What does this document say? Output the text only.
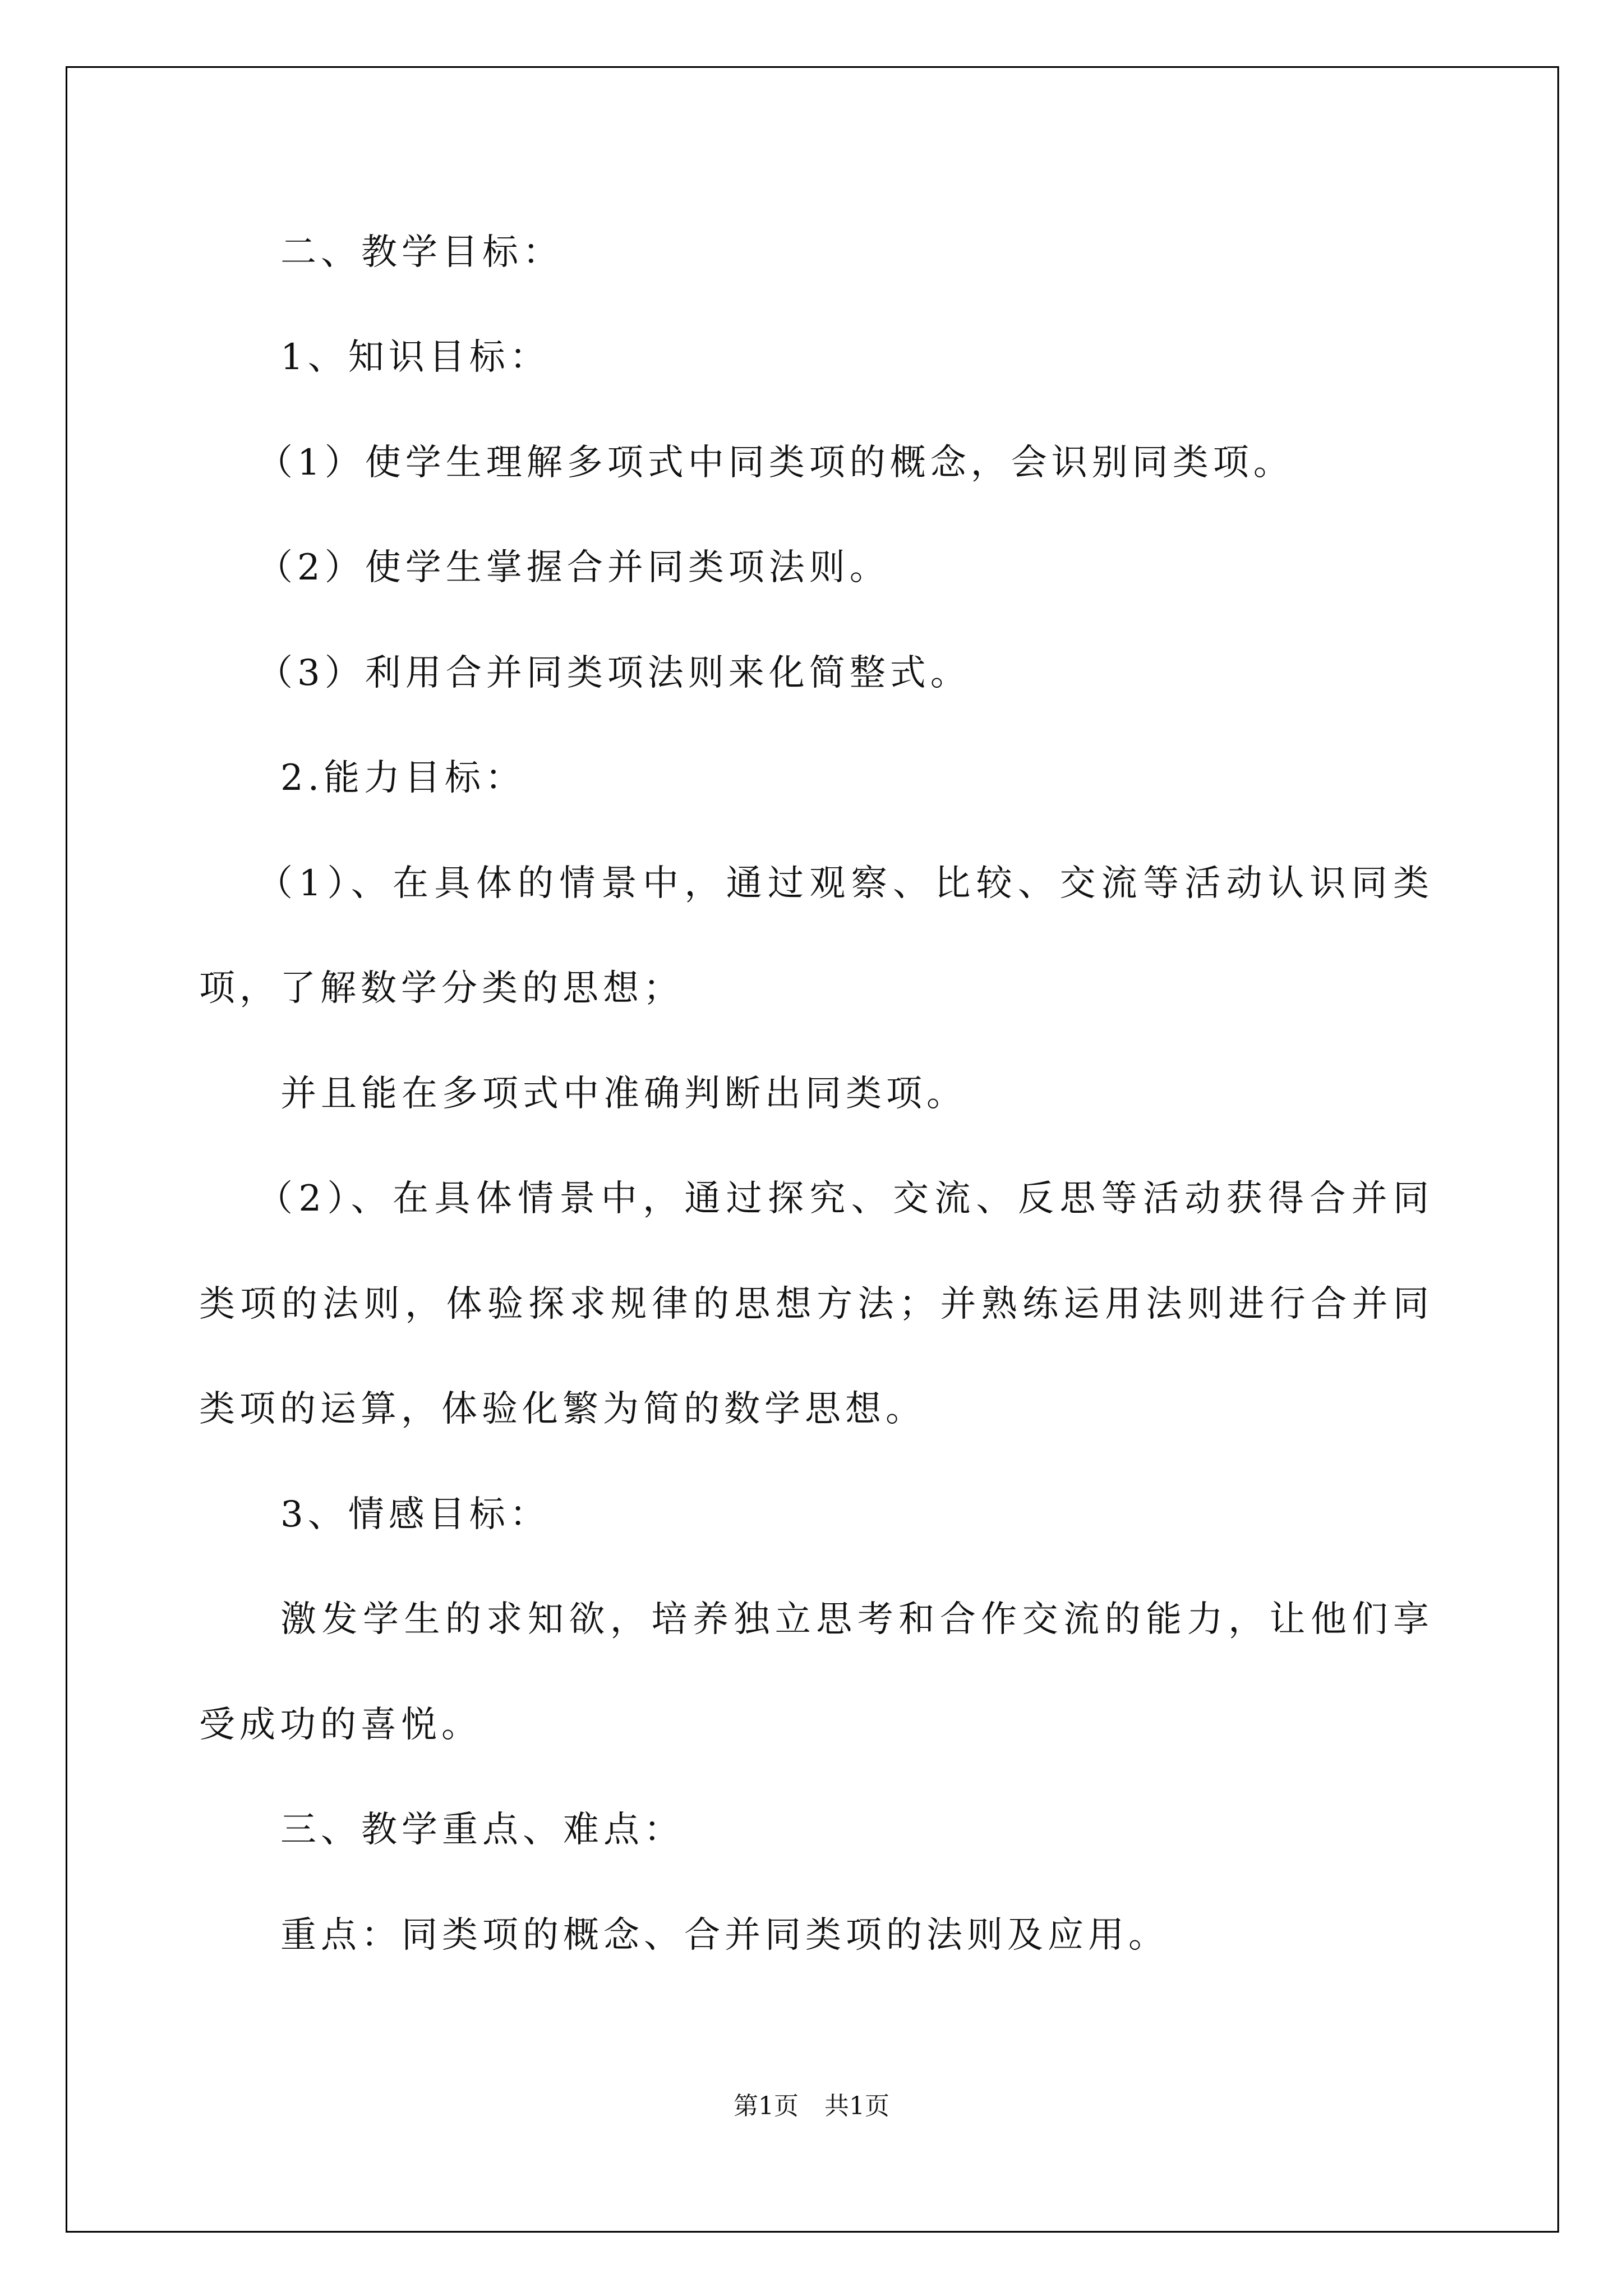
二、教学目标：
1、知识目标：
（1）使学生理解多项式中同类项的概念，会识别同类项。
（2）使学生掌握合并同类项法则。
（3）利用合并同类项法则来化简整式。
2.能力目标：
（1）、在具体的情景中，通过观察、比较、交流等活动认识同类
项，了解数学分类的思想；
并且能在多项式中准确判断出同类项。
（2）、在具体情景中，通过探究、交流、反思等活动获得合并同
类项的法则，体验探求规律的思想方法；并熟练运用法则进行合并同
类项的运算，体验化繁为简的数学思想。
3、情感目标：
激发学生的求知欲，培养独立思考和合作交流的能力，让他们享
受成功的喜悦。
三、教学重点、难点：
重点：同类项的概念、合并同类项的法则及应用。
第1页 共1页
